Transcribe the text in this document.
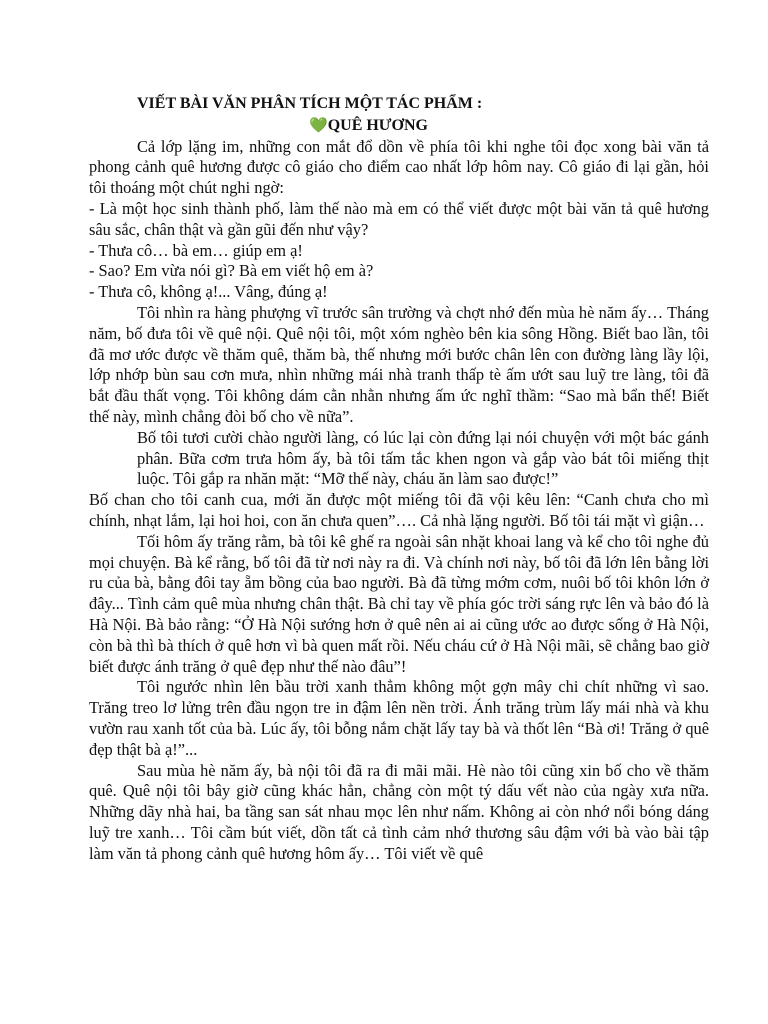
VIẾT BÀI VĂN PHÂN TÍCH MỘT TÁC PHẨM :

💚QUÊ HƯƠNG

Cả lớp lặng im, những con mắt đổ dồn về phía tôi khi nghe tôi đọc xong bài văn tả phong cảnh quê hương được cô giáo cho điểm cao nhất lớp hôm nay. Cô giáo đi lại gần, hỏi tôi thoáng một chút nghi ngờ:

- Là một học sinh thành phố, làm thế nào mà em có thể viết được một bài văn tả quê hương sâu sắc, chân thật và gần gũi đến như vậy?

- Thưa cô… bà em… giúp em ạ!

- Sao? Em vừa nói gì? Bà em viết hộ em à?

- Thưa cô, không ạ!... Vâng, đúng ạ!

Tôi nhìn ra hàng phượng vĩ trước sân trường và chợt nhớ đến mùa hè năm ấy… Tháng năm, bố đưa tôi về quê nội. Quê nội tôi, một xóm nghèo bên kia sông Hồng. Biết bao lần, tôi đã mơ ước được về thăm quê, thăm bà, thế nhưng mới bước chân lên con đường làng lầy lội, lớp nhớp bùn sau cơn mưa, nhìn những mái nhà tranh thấp tè ấm ướt sau luỹ tre làng, tôi đã bắt đầu thất vọng. Tôi không dám cằn nhằn nhưng ấm ức nghĩ thầm: “Sao mà bẩn thế! Biết thế này, mình chẳng đòi bố cho về nữa”.

Bố tôi tươi cười chào người làng, có lúc lại còn đứng lại nói chuyện với một bác gánh phân. Bữa cơm trưa hôm ấy, bà tôi tấm tắc khen ngon và gắp vào bát tôi miếng thịt luộc. Tôi gắp ra nhăn mặt: “Mỡ thế này, cháu ăn làm sao được!”

Bố chan cho tôi canh cua, mới ăn được một miếng tôi đã vội kêu lên: “Canh chưa cho mì chính, nhạt lắm, lại hoi hoi, con ăn chưa quen”…. Cả nhà lặng người. Bố tôi tái mặt vì giận…

Tối hôm ấy trăng rằm, bà tôi kê ghế ra ngoài sân nhặt khoai lang và kể cho tôi nghe đủ mọi chuyện. Bà kể rằng, bố tôi đã từ nơi này ra đi. Và chính nơi này, bố tôi đã lớn lên bằng lời ru của bà, bằng đôi tay ẵm bồng của bao người. Bà đã từng mớm cơm, nuôi bố tôi khôn lớn ở đây... Tình cảm quê mùa nhưng chân thật. Bà chỉ tay về phía góc trời sáng rực lên và bảo đó là Hà Nội. Bà bảo rằng: “Ở Hà Nội sướng hơn ở quê nên ai ai cũng ước ao được sống ở Hà Nội, còn bà thì bà thích ở quê hơn vì bà quen mất rồi. Nếu cháu cứ ở Hà Nội mãi, sẽ chẳng bao giờ biết được ánh trăng ở quê đẹp như thế nào đâu”!

Tôi ngước nhìn lên bầu trời xanh thẳm không một gợn mây chi chít những vì sao. Trăng treo lơ lửng trên đầu ngọn tre in đậm lên nền trời. Ánh trăng trùm lấy mái nhà và khu vườn rau xanh tốt của bà. Lúc ấy, tôi bỗng nắm chặt lấy tay bà và thốt lên “Bà ơi! Trăng ở quê đẹp thật bà ạ!”...

Sau mùa hè năm ấy, bà nội tôi đã ra đi mãi mãi. Hè nào tôi cũng xin bố cho về thăm quê. Quê nội tôi bây giờ cũng khác hẳn, chẳng còn một tý dấu vết nào của ngày xưa nữa. Những dãy nhà hai, ba tầng san sát nhau mọc lên như nấm. Không ai còn nhớ nổi bóng dáng luỹ tre xanh… Tôi cầm bút viết, dồn tất cả tình cảm nhớ thương sâu đậm với bà vào bài tập làm văn tả phong cảnh quê hương hôm ấy… Tôi viết về quê
